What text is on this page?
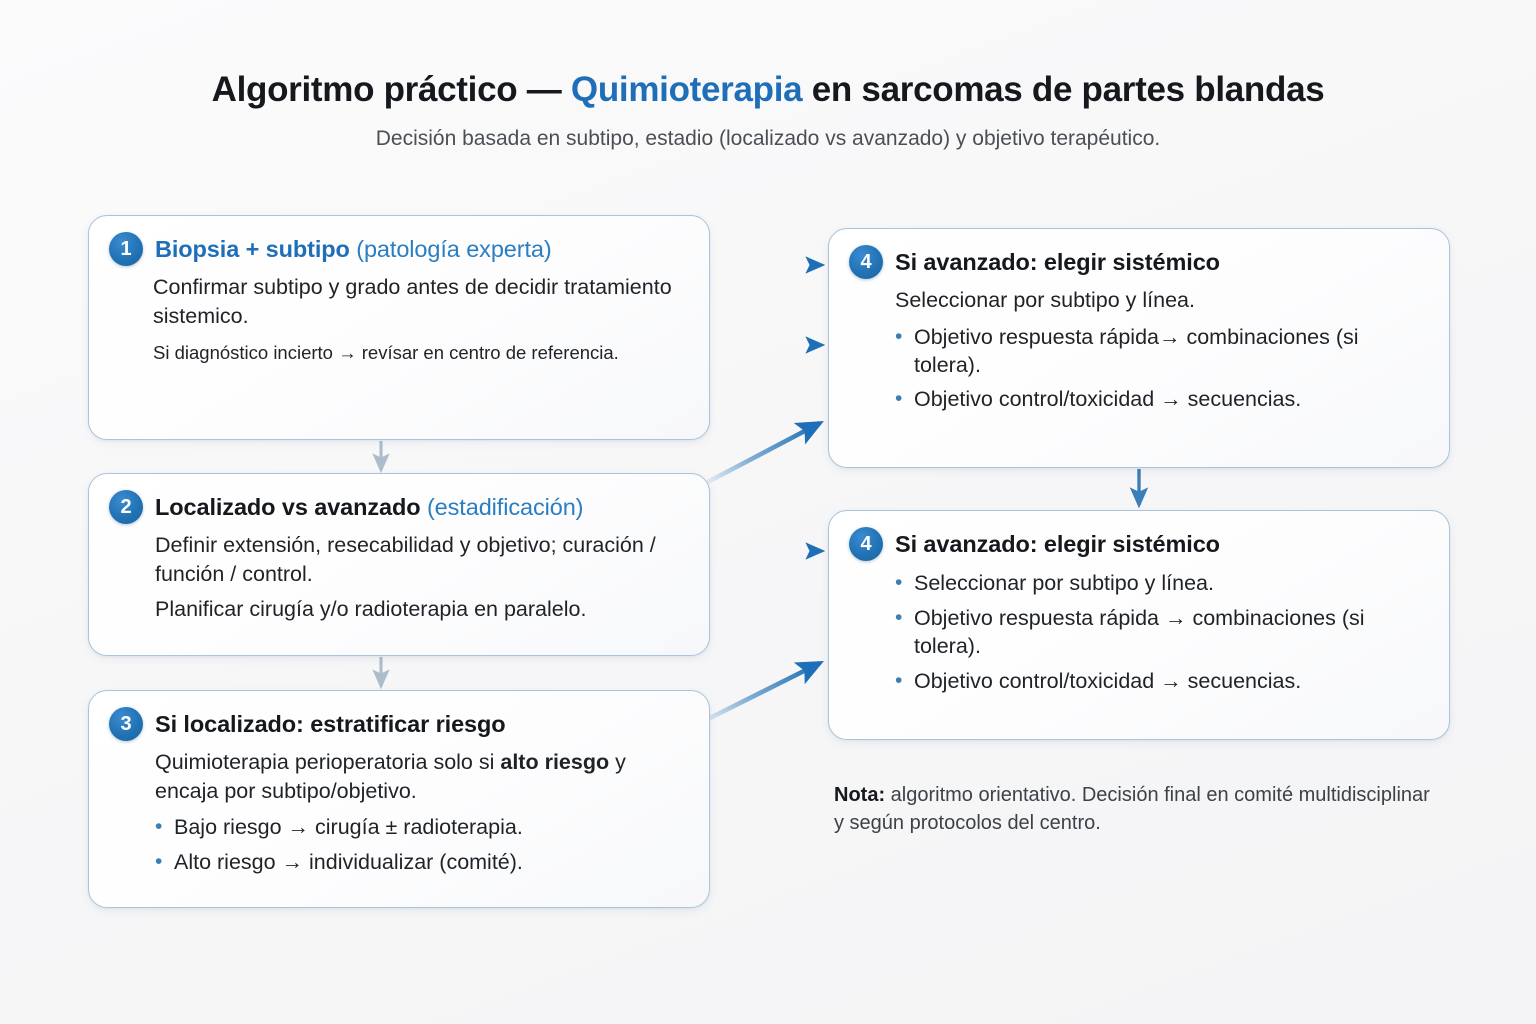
Algoritmo práctico — Quimioterapia en sarcomas de partes blandas

Decisión basada en subtipo, estadio (localizado vs avanzado) y objetivo terapéutico.

1 Biopsia + subtipo (patología experta)

Confirmar subtipo y grado antes de decidir tratamiento sistemico.

Si diagnóstico incierto → revísar en centro de referencia.

2 Localizado vs avanzado (estadificación)

Definir extensión, resecabilidad y objetivo; curación / función / control.

Planificar cirugía y/o radioterapia en paralelo.

3 Si localizado: estratificar riesgo

Quimioterapia perioperatoria solo si alto riesgo y encaja por subtipo/objetivo.

• Bajo riesgo → cirugía ± radioterapia.
• Alto riesgo → individualizar (comité).
4 Si avanzado: elegir sistémico

Seleccionar por subtipo y línea.

• Objetivo respuesta rápida→ combinaciones (si tolera).
• Objetivo control/toxicidad → secuencias.
4 Si avanzado: elegir sistémico
• Seleccionar por subtipo y línea.
• Objetivo respuesta rápida → combinaciones (si tolera).
• Objetivo control/toxicidad → secuencias.
Nota: algoritmo orientativo. Decisión final en comité multidisciplinar y según protocolos del centro.
